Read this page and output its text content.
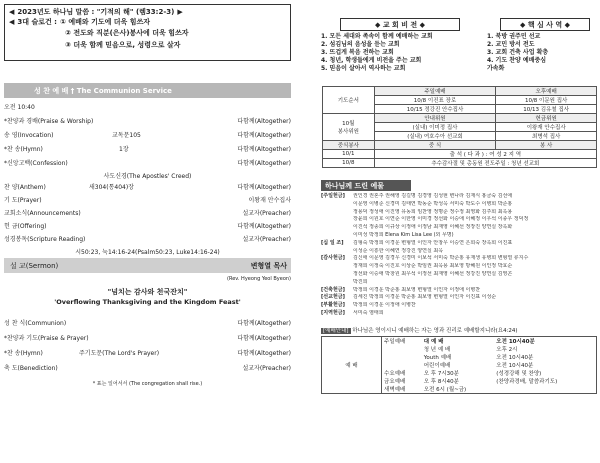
◀ 2023년도 하나님 말씀 : "기적의 해" (렘33:2-3) ▶
◀ 3대 슬로건 : ① 예배와 기도에 더욱 힘쓰자
② 전도와 직분(은사)봉사에 더욱 힘쓰자
③ 더욱 함께 믿음으로, 성령으로 살자
성 찬 예 배 † The Communion Service
오전 10:40
*찬양과 경배(Praise & Worship)	다함께(Altogether)
송 영(Invocation)	교독문105	다함께(Altogether)
*찬 송(Hymn)	1장	다함께(Altogether)
*신앙고백(Confession)	다함께(Altogether)
사도신경(The Apostles' Creed)
찬 양(Anthem)	새304(통404)장	다함께(Altogether)
기 도(Prayer)	이왕재 안수집사
교회소식(Announcements)	설교자(Preacher)
헌 금(Offering)	다함께(Altogether)
성경봉독(Scripture Reading)	설교자(Preacher)
시50:23, 눅14:16-24(Psalm50:23, Luke14:16-24)
설 교(Sermon)	변형열 목사
(Rev. Hyeong Yeol Byeon)
"넘치는 감사와 천국잔치"
'Overflowing Thanksgiving and the Kingdom Feast'
성 찬 식(Communion)	다함께(Altogether)
*찬양과 기도(Praise & Prayer)	다함께(Altogether)
*찬 송(Hymn)	주기도문(The Lord's Prayer)	다함께(Altogether)
축 도(Benediction)	설교자(Preacher)
* 표는 일어서서 (The congregation shall rise.)
◆ 교 회 비 전 ◆	◆ 핵 심 사 역 ◆
1. 모든 세대와 족속이 함께 예배하는 교회
2. 섬김님의 음성을 듣는 교회
3. 뜨겁게 복음 전하는 교회
4. 청년, 학생들에게 비전을 주는 교회
5. 믿음이 살아서 역사하는 교회
1. 북방 권주민 선교
2. 교민 방서 전도
3. 교회 건축 사업 확충
4. 기도 찬양 예배중심
가속화
기도순서	주일예배	오후예배
	10/8 이진표 장로	10/8 이문원 집사
	10/15 정강진 안수집사	10/13 김유철 집사
10월
봉사위원	안내위원	헌금위원
	(실내) 이미정 집사	이왕재 안수집사
	(실내) 여호수아 선교회	최병석 집사
중식봉사	중 식	봉 사
10/1	출 석 ( 다 과 ) : 여 성 2 지 역	
10/8	추수감사절 및 총동원 전도주일 : 청년 선교회	
하나님께 드린 예물
[주일헌금]	권인경 권혼주 권해영 김길명 김경영 김성현 변나라 김재식 홍금숙 김선애
이문영 이병준 신경미 김태연 박동순 박성옥 서미숙 박도수 이병희 박준홍
정용덕 정성애 이진영 유동희 임찬영 정명준 정수정 최영화 김주희 최옥용
장윤희 이원호 이연순 이한영 이미경 정선화 이승애 이혜정 이우석 이종우 정덕정
이진석 정종희 이규상 이정애 이정남 최재영 이혜선 정장진 양연실 장옥화
이미성 박정희 Elena Kim Lisa Lee (외 무명)
[십 일 조]	김형숙 박정희 이경운 변형열 이인자 안창우 이승연 은희숙 장옥희 이진표
이성순 이흥한 이혜연 정강진 양연실 최옥
[감사헌금]	김신애 이문영 김경우 신경미 이보석 서미숙 박준홍 유재생 유병희 변형열 류지수
정재희 이정숙 이진호 이상순 박임권 최옥용 최보영 방혜원 이인정 박효순
정선화 이승애 박창원 최우석 이정선 최재영 이혜선 정강진 양연실 김영곤
박진희
[건축헌금]	박정희 이경운 박준홍 최보영 변형열 이인자 이정애 이병찬
[선교헌금]	김세진 박정희 이경운 박준홍 최보영 변형열 이인자 이진표 이성순
[부활헌금]	박정희 이경운 이정애 이병찬
[지역헌금]	서미숙 염태희
[예배안내] 하나님은 영이시니 예배하는 자는 영과 진리로 예배할지니라(요4:24)
예 배	주일예배	대 예 배	오전 10시40분
		청 년 예 배	오후 2시
		Youth 예배	오전 10시40분
		어린이예배	오전 10시40분
	수요예배	오 후 7시30분	(성경강해 및 찬양)
	금요예배	오 후 8시40분	(찬양과경배, 말씀과기도)
	새벽예배	오전 6시 (월~금)	
